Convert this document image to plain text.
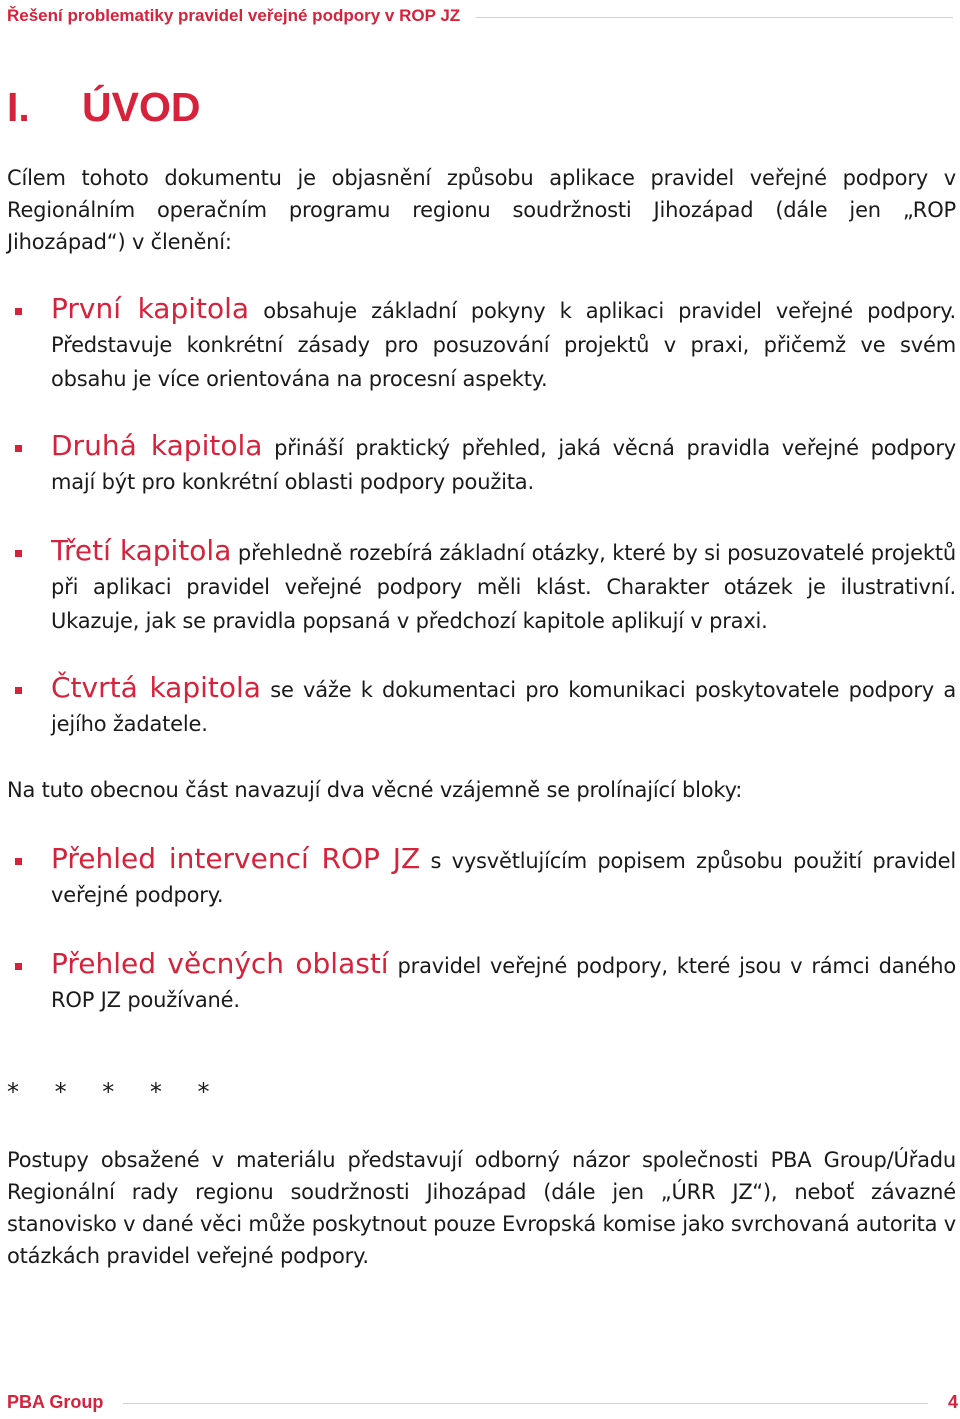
Řešení problematiky pravidel veřejné podpory v ROP JZ
I.	ÚVOD

Cílem tohoto dokumentu je objasnění způsobu aplikace pravidel veřejné podpory v Regionálním operačním programu regionu soudržnosti Jihozápad (dále jen „ROP Jihozápad“) v členění:

První kapitola obsahuje základní pokyny k aplikaci pravidel veřejné podpory. Představuje konkrétní zásady pro posuzování projektů v praxi, přičemž ve svém obsahu je více orientována na procesní aspekty.
Druhá kapitola přináší praktický přehled, jaká věcná pravidla veřejné podpory mají být pro konkrétní oblasti podpory použita.
Třetí kapitola přehledně rozebírá základní otázky, které by si posuzovatelé projektů při aplikaci pravidel veřejné podpory měli klást. Charakter otázek je ilustrativní. Ukazuje, jak se pravidla popsaná v předchozí kapitole aplikují v praxi.
Čtvrtá kapitola se váže k dokumentaci pro komunikaci poskytovatele podpory a jejího žadatele.

Na tuto obecnou část navazují dva věcné vzájemně se prolínající bloky:

Přehled intervencí ROP JZ s vysvětlujícím popisem způsobu použití pravidel veřejné podpory.
Přehled věcných oblastí pravidel veřejné podpory, které jsou v rámci daného ROP JZ používané.
* * * * *

Postupy obsažené v materiálu představují odborný názor společnosti PBA Group/Úřadu Regionální rady regionu soudržnosti Jihozápad (dále jen „ÚRR JZ“), neboť závazné stanovisko v dané věci může poskytnout pouze Evropská komise jako svrchovaná autorita v otázkách pravidel veřejné podpory.

PBA Group	4
